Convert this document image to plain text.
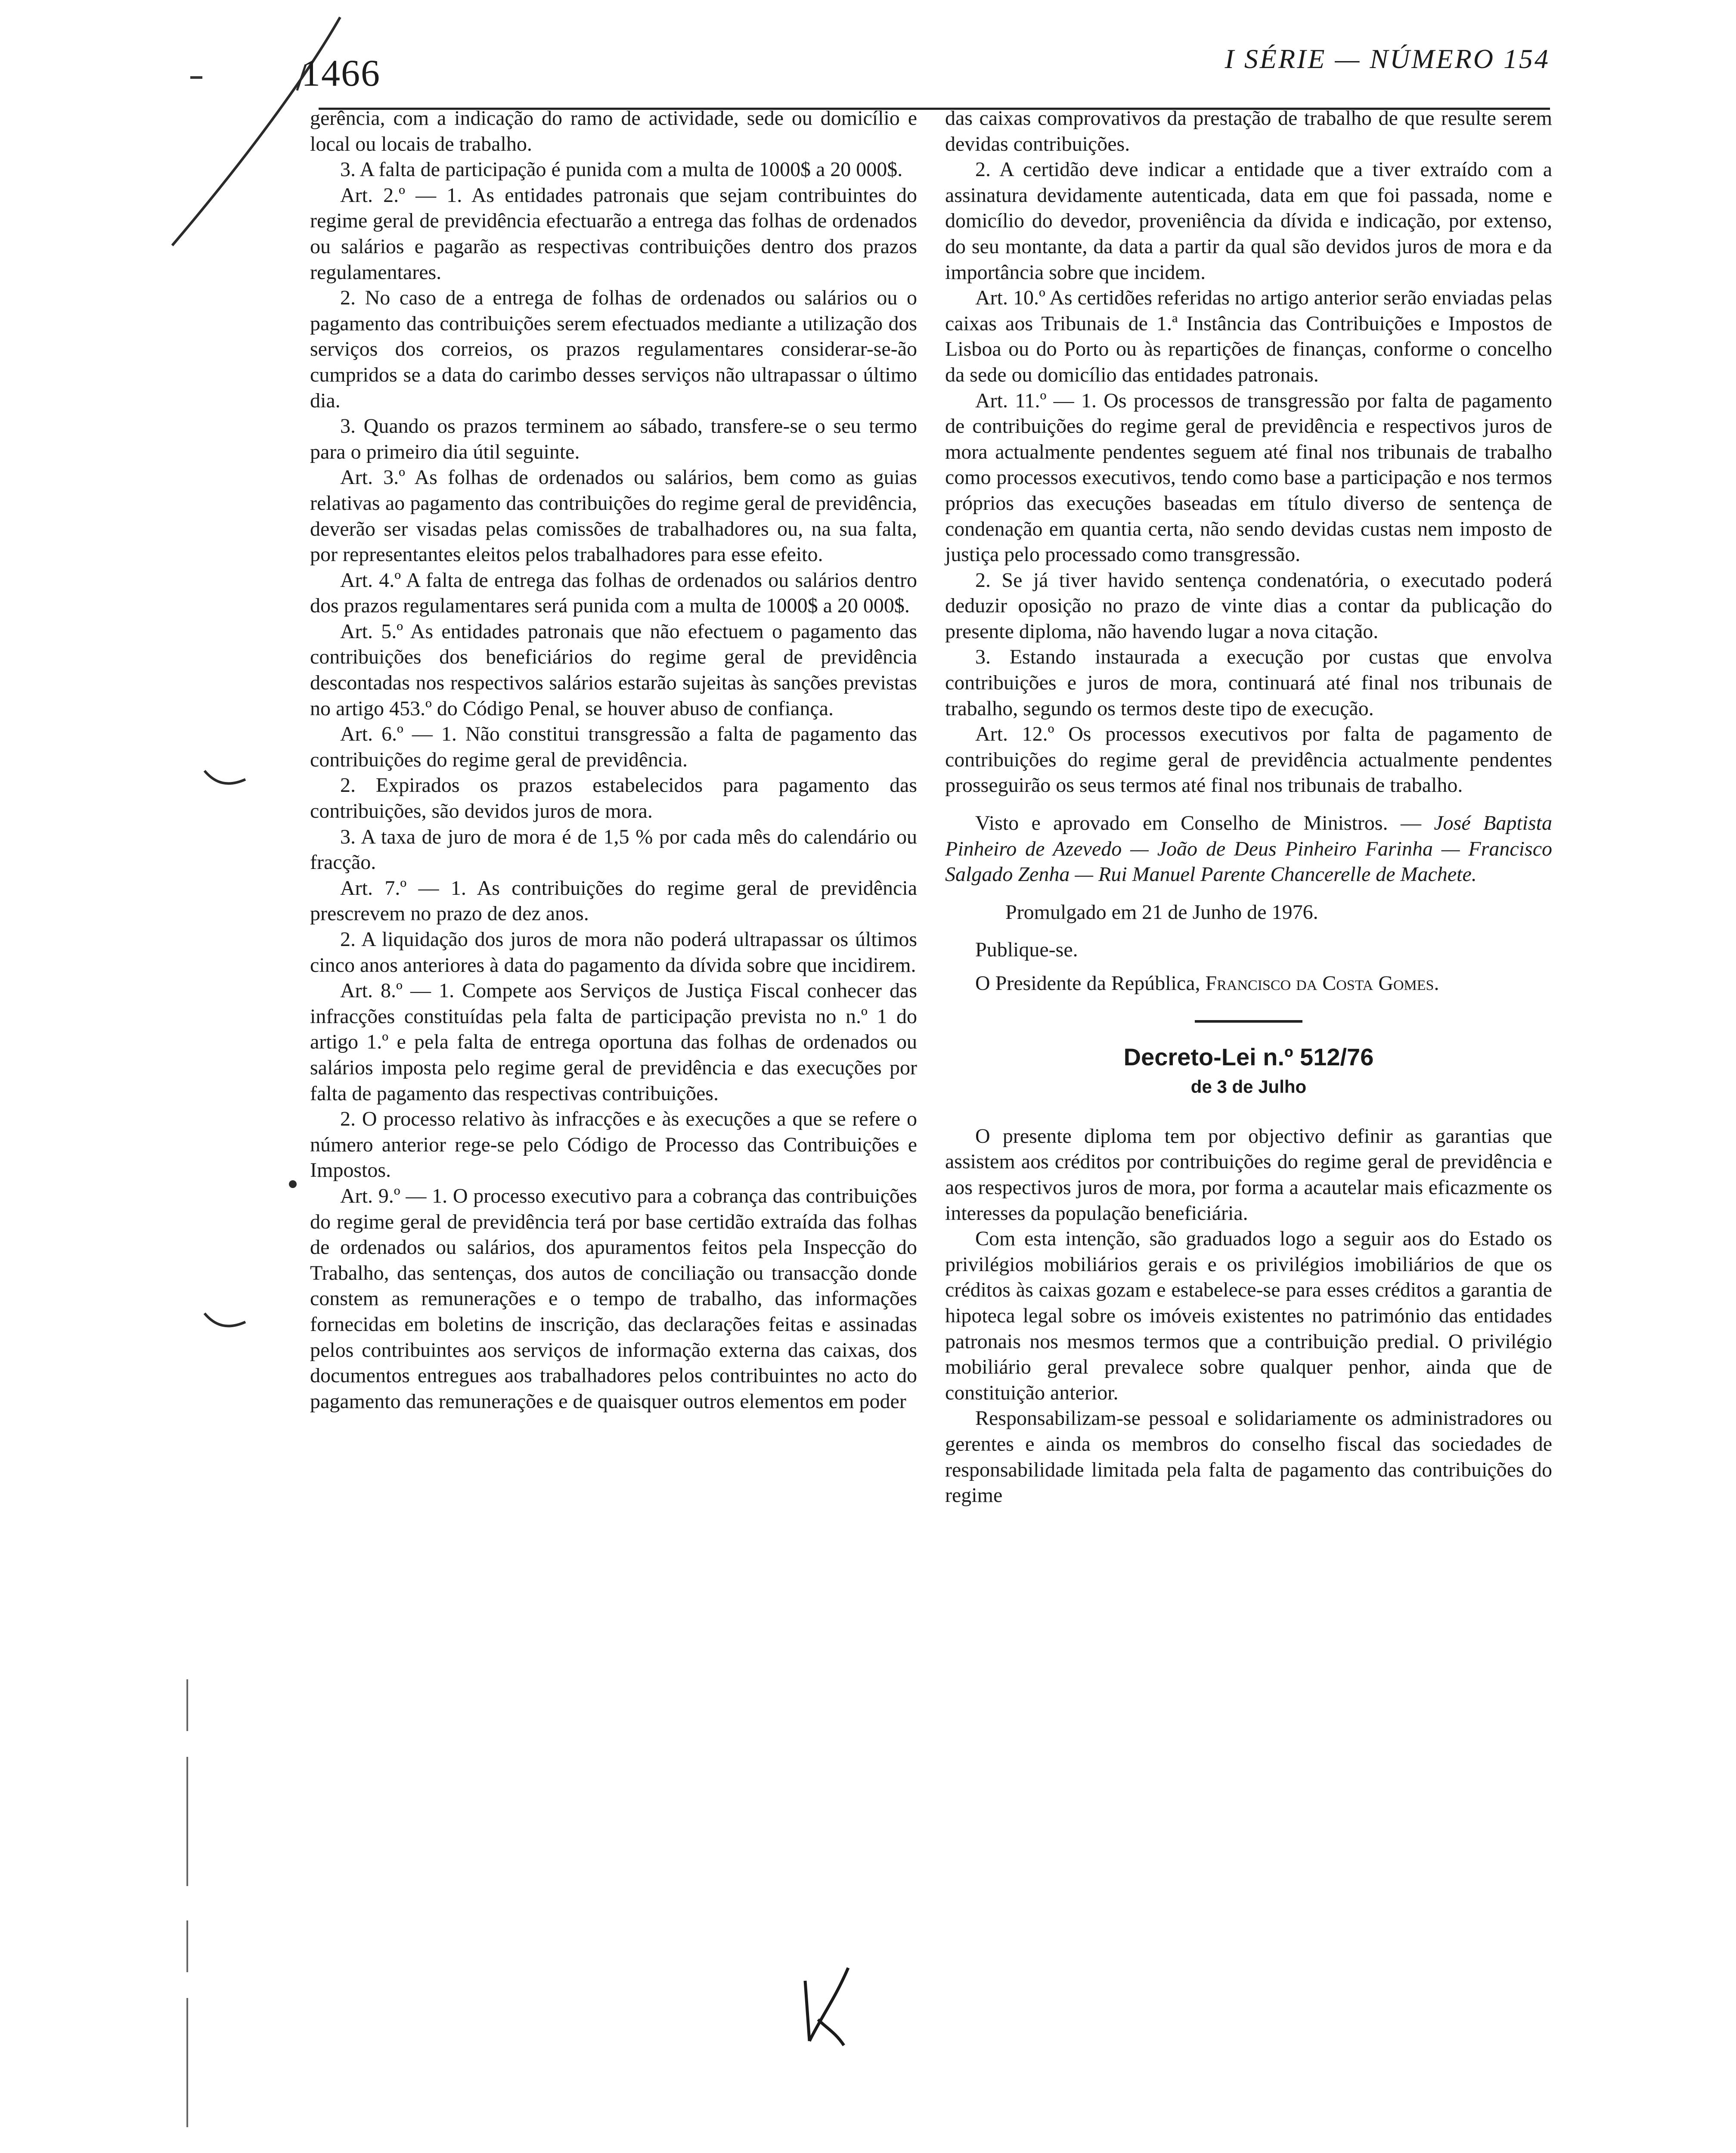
1466	I SÉRIE — NÚMERO 154

gerência, com a indicação do ramo de actividade, sede ou domicílio e local ou locais de trabalho.

3. A falta de participação é punida com a multa de 1000$ a 20 000$.

Art. 2.º — 1. As entidades patronais que sejam contribuintes do regime geral de previdência efectuarão a entrega das folhas de ordenados ou salários e pagarão as respectivas contribuições dentro dos prazos regulamentares.

2. No caso de a entrega de folhas de ordenados ou salários ou o pagamento das contribuições serem efectuados mediante a utilização dos serviços dos correios, os prazos regulamentares considerar-se-ão cumpridos se a data do carimbo desses serviços não ultrapassar o último dia.

3. Quando os prazos terminem ao sábado, transfere-se o seu termo para o primeiro dia útil seguinte.

Art. 3.º As folhas de ordenados ou salários, bem como as guias relativas ao pagamento das contribuições do regime geral de previdência, deverão ser visadas pelas comissões de trabalhadores ou, na sua falta, por representantes eleitos pelos trabalhadores para esse efeito.

Art. 4.º A falta de entrega das folhas de ordenados ou salários dentro dos prazos regulamentares será punida com a multa de 1000$ a 20 000$.

Art. 5.º As entidades patronais que não efectuem o pagamento das contribuições dos beneficiários do regime geral de previdência descontadas nos respectivos salários estarão sujeitas às sanções previstas no artigo 453.º do Código Penal, se houver abuso de confiança.

Art. 6.º — 1. Não constitui transgressão a falta de pagamento das contribuições do regime geral de previdência.

2. Expirados os prazos estabelecidos para pagamento das contribuições, são devidos juros de mora.

3. A taxa de juro de mora é de 1,5 % por cada mês do calendário ou fracção.

Art. 7.º — 1. As contribuições do regime geral de previdência prescrevem no prazo de dez anos.

2. A liquidação dos juros de mora não poderá ultrapassar os últimos cinco anos anteriores à data do pagamento da dívida sobre que incidirem.

Art. 8.º — 1. Compete aos Serviços de Justiça Fiscal conhecer das infracções constituídas pela falta de participação prevista no n.º 1 do artigo 1.º e pela falta de entrega oportuna das folhas de ordenados ou salários imposta pelo regime geral de previdência e das execuções por falta de pagamento das respectivas contribuições.

2. O processo relativo às infracções e às execuções a que se refere o número anterior rege-se pelo Código de Processo das Contribuições e Impostos.

Art. 9.º — 1. O processo executivo para a cobrança das contribuições do regime geral de previdência terá por base certidão extraída das folhas de ordenados ou salários, dos apuramentos feitos pela Inspecção do Trabalho, das sentenças, dos autos de conciliação ou transacção donde constem as remunerações e o tempo de trabalho, das informações fornecidas em boletins de inscrição, das declarações feitas e assinadas pelos contribuintes aos serviços de informação externa das caixas, dos documentos entregues aos trabalhadores pelos contribuintes no acto do pagamento das remunerações e de quaisquer outros elementos em poder

das caixas comprovativos da prestação de trabalho de que resulte serem devidas contribuições.

2. A certidão deve indicar a entidade que a tiver extraído com a assinatura devidamente autenticada, data em que foi passada, nome e domicílio do devedor, proveniência da dívida e indicação, por extenso, do seu montante, da data a partir da qual são devidos juros de mora e da importância sobre que incidem.

Art. 10.º As certidões referidas no artigo anterior serão enviadas pelas caixas aos Tribunais de 1.ª Instância das Contribuições e Impostos de Lisboa ou do Porto ou às repartições de finanças, conforme o concelho da sede ou domicílio das entidades patronais.

Art. 11.º — 1. Os processos de transgressão por falta de pagamento de contribuições do regime geral de previdência e respectivos juros de mora actualmente pendentes seguem até final nos tribunais de trabalho como processos executivos, tendo como base a participação e nos termos próprios das execuções baseadas em título diverso de sentença de condenação em quantia certa, não sendo devidas custas nem imposto de justiça pelo processado como transgressão.

2. Se já tiver havido sentença condenatória, o executado poderá deduzir oposição no prazo de vinte dias a contar da publicação do presente diploma, não havendo lugar a nova citação.

3. Estando instaurada a execução por custas que envolva contribuições e juros de mora, continuará até final nos tribunais de trabalho, segundo os termos deste tipo de execução.

Art. 12.º Os processos executivos por falta de pagamento de contribuições do regime geral de previdência actualmente pendentes prosseguirão os seus termos até final nos tribunais de trabalho.

Visto e aprovado em Conselho de Ministros. — José Baptista Pinheiro de Azevedo — João de Deus Pinheiro Farinha — Francisco Salgado Zenha — Rui Manuel Parente Chancerelle de Machete.

Promulgado em 21 de Junho de 1976.

Publique-se.

O Presidente da República, Francisco da Costa Gomes.

Decreto-Lei n.º 512/76
de 3 de Julho

O presente diploma tem por objectivo definir as garantias que assistem aos créditos por contribuições do regime geral de previdência e aos respectivos juros de mora, por forma a acautelar mais eficazmente os interesses da população beneficiária.

Com esta intenção, são graduados logo a seguir aos do Estado os privilégios mobiliários gerais e os privilégios imobiliários de que os créditos às caixas gozam e estabelece-se para esses créditos a garantia de hipoteca legal sobre os imóveis existentes no património das entidades patronais nos mesmos termos que a contribuição predial. O privilégio mobiliário geral prevalece sobre qualquer penhor, ainda que de constituição anterior.

Responsabilizam-se pessoal e solidariamente os administradores ou gerentes e ainda os membros do conselho fiscal das sociedades de responsabilidade limitada pela falta de pagamento das contribuições do regime
